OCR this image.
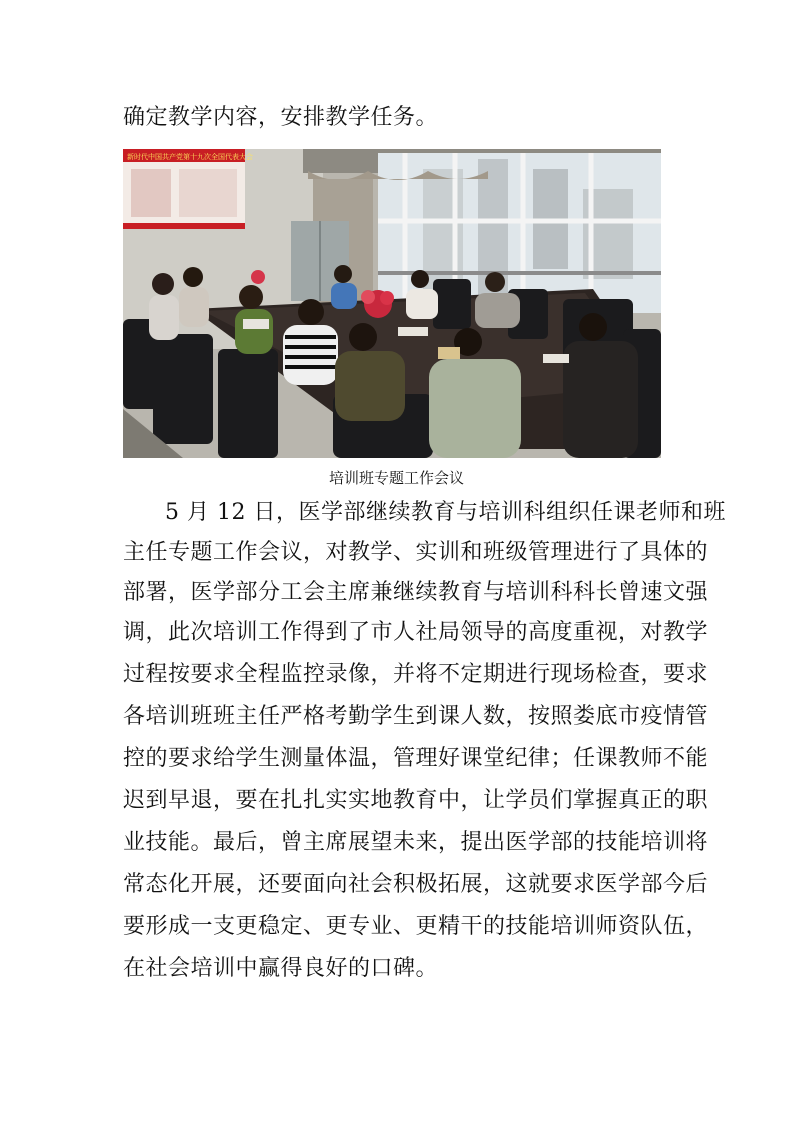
确定教学内容，安排教学任务。
新时代中国共产党第十九次全国代表大会
培训班专题工作会议
5 月 12 日，医学部继续教育与培训科组织任课老师和班
主任专题工作会议，对教学、实训和班级管理进行了具体的
部署，医学部分工会主席兼继续教育与培训科科长曾速文强
调，此次培训工作得到了市人社局领导的高度重视，对教学
过程按要求全程监控录像，并将不定期进行现场检查，要求
各培训班班主任严格考勤学生到课人数，按照娄底市疫情管
控的要求给学生测量体温，管理好课堂纪律；任课教师不能
迟到早退，要在扎扎实实地教育中，让学员们掌握真正的职
业技能。最后，曾主席展望未来，提出医学部的技能培训将
常态化开展，还要面向社会积极拓展，这就要求医学部今后
要形成一支更稳定、更专业、更精干的技能培训师资队伍，
在社会培训中赢得良好的口碑。
